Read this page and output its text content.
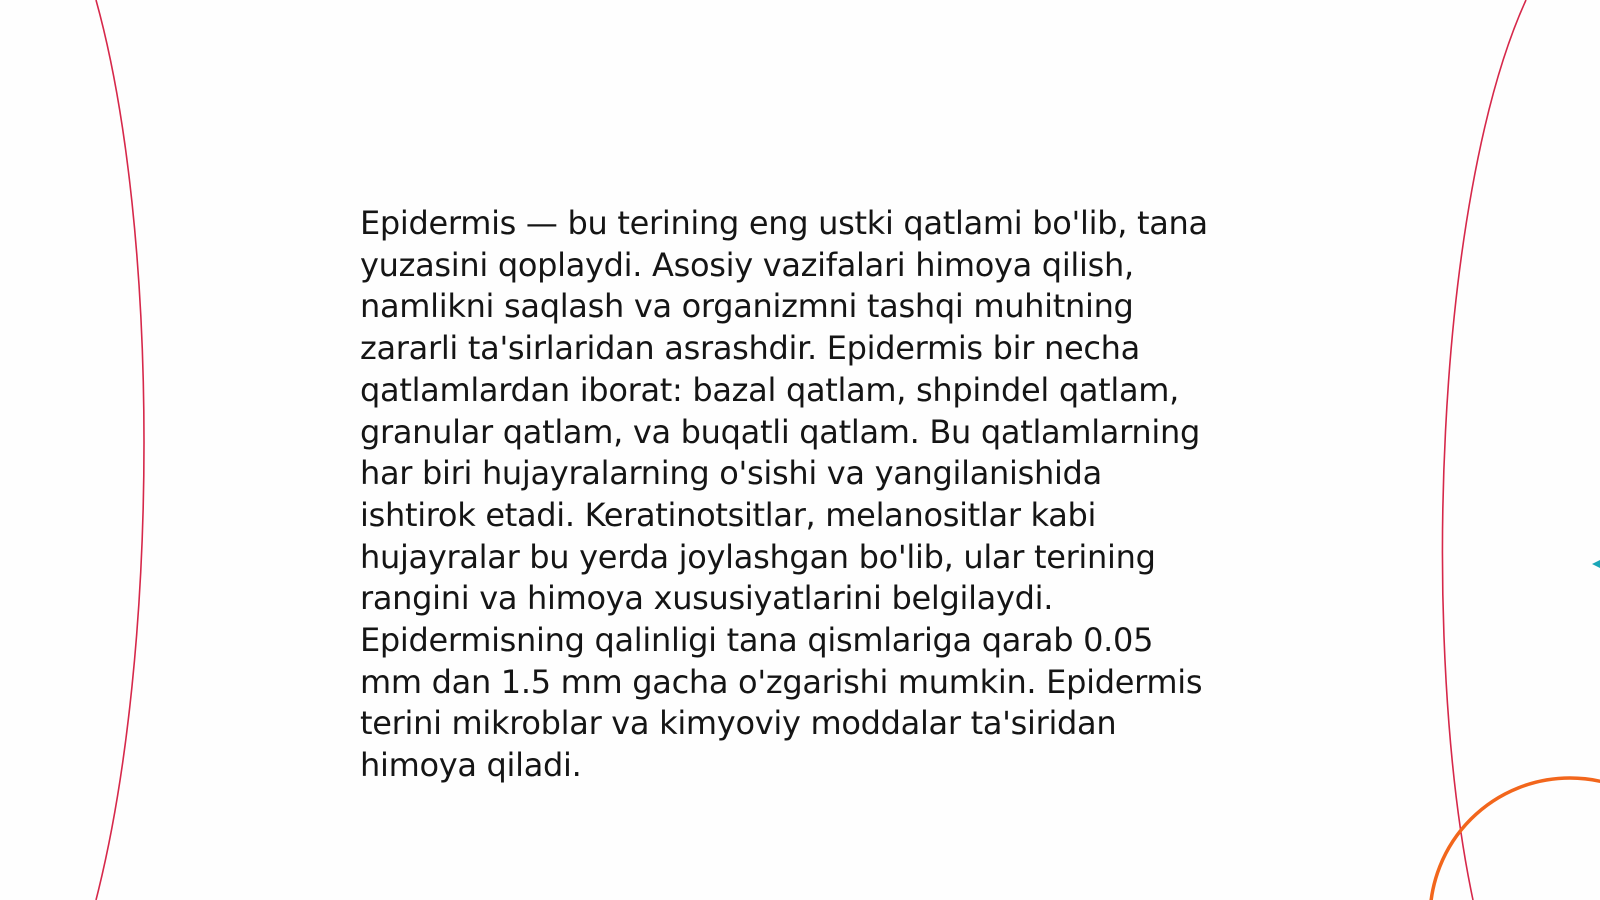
Epidermis — bu terining eng ustki qatlami bo'lib, tana
yuzasini qoplaydi. Asosiy vazifalari himoya qilish,
namlikni saqlash va organizmni tashqi muhitning
zararli ta'sirlaridan asrashdir. Epidermis bir necha
qatlamlardan iborat: bazal qatlam, shpindel qatlam,
granular qatlam, va buqatli qatlam. Bu qatlamlarning
har biri hujayralarning o'sishi va yangilanishida
ishtirok etadi. Keratinotsitlar, melanositlar kabi
hujayralar bu yerda joylashgan bo'lib, ular terining
rangini va himoya xususiyatlarini belgilaydi.
Epidermisning qalinligi tana qismlariga qarab 0.05
mm dan 1.5 mm gacha o'zgarishi mumkin. Epidermis
terini mikroblar va kimyoviy moddalar ta'siridan
himoya qiladi.
